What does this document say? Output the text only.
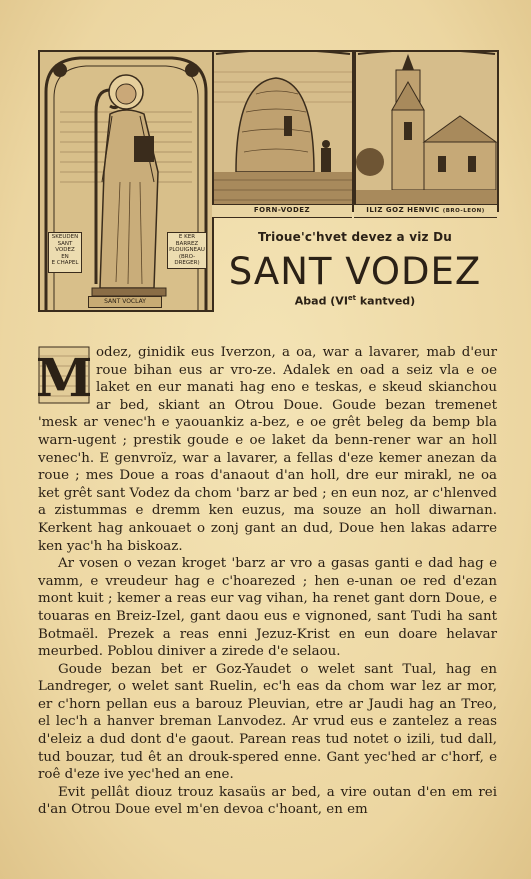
SKEUDEN
SANT
VODEZ
EN
E CHAPEL
E KER BARREZ
PLOUIGNEAU
(BRO-DREGER)
SANT VOCLAY
FORN-VODEZ	ILIZ GOZ HENVIC (BRO-LEON)
Trioue'c'hvet devez a viz Du
SANT VODEZ
Abad ($VI^{et}$ kantved)
M odez, ginidik eus Iverzon, a oa, war a lavarer, mab d'eur roue bihan eus ar vro-ze. Adalek en oad a seiz vla e oe laket en eur manati hag eno e teskas, e skeud skianchou ar bed, skiant an Otrou Doue. Goude bezan tremenet 'mesk ar venec'h e yaouankiz a-bez, e oe grêt beleg da bemp bla warn-ugent ; prestik goude e oe laket da benn-rener war an holl venec'h. E genvroïz, war a lavarer, a fellas d'eze kemer anezan da roue ; mes Doue a roas d'anaout d'an holl, dre eur mirakl, ne oa ket grêt sant Vodez da chom 'barz ar bed ; en eun noz, ar c'hlenved a zistummas e dremm ken euzus, ma souze an holl diwarnan. Kerkent hag ankouaet o zonj gant an dud, Doue hen lakas adarre ken yac'h ha biskoaz.

Ar vosen o vezan kroget 'barz ar vro a gasas ganti e dad hag e vamm, e vreudeur hag e c'hoarezed ; hen e-unan oe red d'ezan mont kuit ; kemer a reas eur vag vihan, ha renet gant dorn Doue, e touaras en Breiz-Izel, gant daou eus e vignoned, sant Tudi ha sant Botmaël. Prezek a reas enni Jezuz-Krist en eun doare helavar meurbed. Poblou diniver a zirede d'e selaou.

Goude bezan bet er Goz-Yaudet o welet sant Tual, hag en Landreger, o welet sant Ruelin, ec'h eas da chom war lez ar mor, er c'horn pellan eus a barouz Pleuvian, etre ar Jaudi hag an Treo, el lec'h a hanver breman Lanvodez. Ar vrud eus e zantelez a reas d'eleiz a dud dont d'e gaout. Parean reas tud notet o izili, tud dall, tud bouzar, tud êt an drouk-spered enne. Gant yec'hed ar c'horf, e roê d'eze ive yec'hed an ene.

Evit pellât diouz trouz kasaüs ar bed, a vire outan d'en em rei d'an Otrou Doue evel m'en devoa c'hoant, en em
